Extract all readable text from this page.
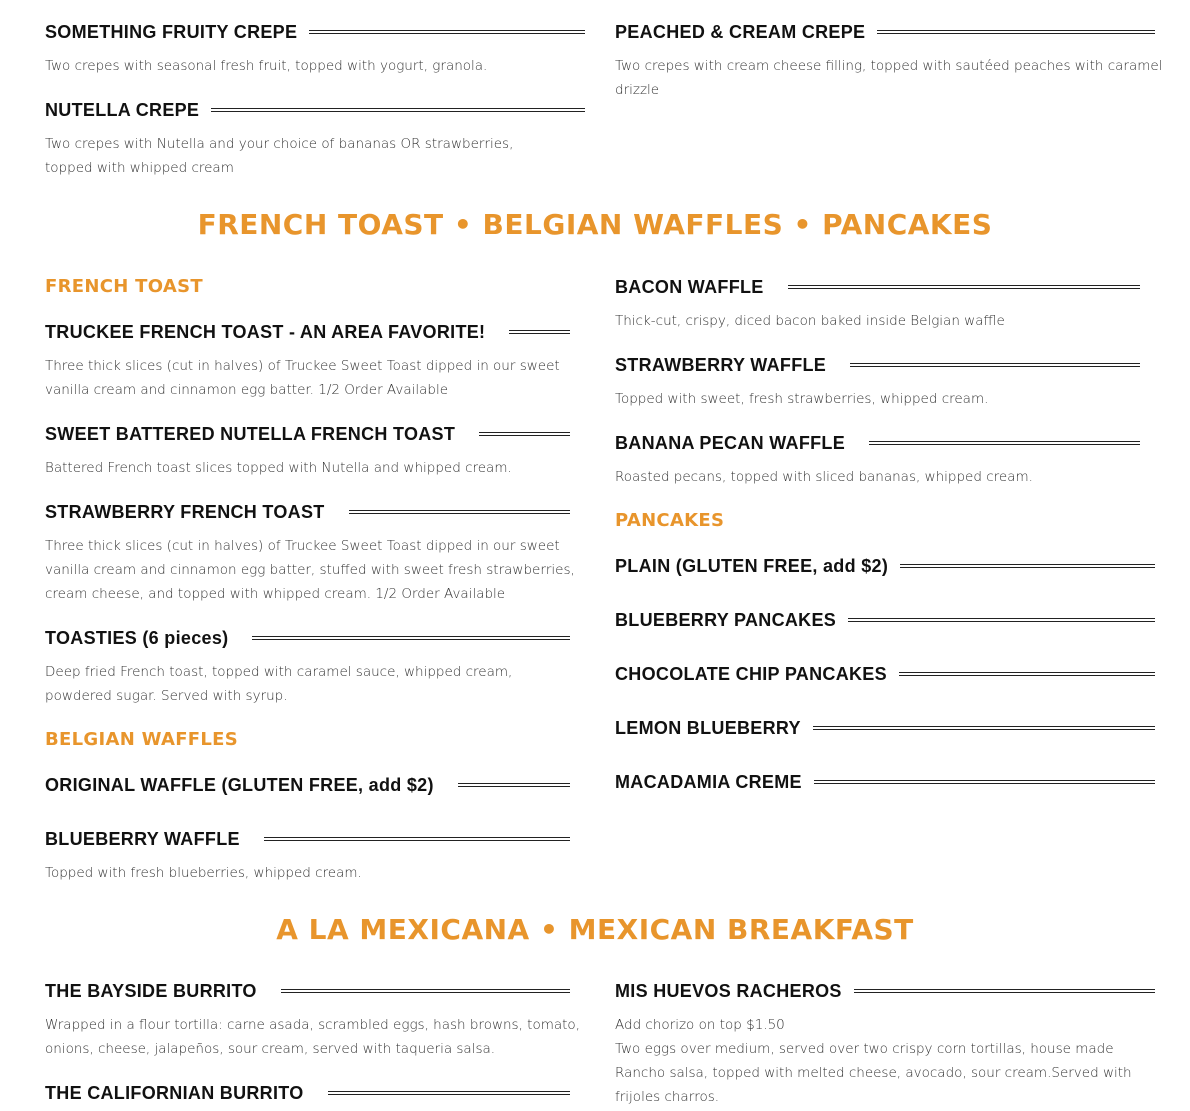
SOMETHING FRUITY CREPE
Two crepes with seasonal fresh fruit, topped with yogurt, granola.
PEACHED & CREAM CREPE
Two crepes with cream cheese filling, topped with sautéed peaches with caramel drizzle
NUTELLA CREPE
Two crepes with Nutella and your choice of bananas OR strawberries, topped with whipped cream
FRENCH TOAST • BELGIAN WAFFLES • PANCAKES
FRENCH TOAST
TRUCKEE FRENCH TOAST - AN AREA FAVORITE!
Three thick slices (cut in halves) of Truckee Sweet Toast dipped in our sweet vanilla cream and cinnamon egg batter. 1/2 Order Available
SWEET BATTERED NUTELLA FRENCH TOAST
Battered French toast slices topped with Nutella and whipped cream.
STRAWBERRY FRENCH TOAST
Three thick slices (cut in halves) of Truckee Sweet Toast dipped in our sweet vanilla cream and cinnamon egg batter, stuffed with sweet fresh strawberries, cream cheese, and topped with whipped cream. 1/2 Order Available
TOASTIES (6 pieces)
Deep fried French toast, topped with caramel sauce, whipped cream, powdered sugar. Served with syrup.
BELGIAN WAFFLES
ORIGINAL WAFFLE (GLUTEN FREE, add $2)
BLUEBERRY WAFFLE
Topped with fresh blueberries, whipped cream.
BACON WAFFLE
Thick-cut, crispy, diced bacon baked inside Belgian waffle
STRAWBERRY WAFFLE
Topped with sweet, fresh strawberries, whipped cream.
BANANA PECAN WAFFLE
Roasted pecans, topped with sliced bananas, whipped cream.
PANCAKES
PLAIN (GLUTEN FREE, add $2)
BLUEBERRY PANCAKES
CHOCOLATE CHIP PANCAKES
LEMON BLUEBERRY
MACADAMIA CREME
A LA MEXICANA • MEXICAN BREAKFAST
THE BAYSIDE BURRITO
Wrapped in a flour tortilla: carne asada, scrambled eggs, hash browns, tomato, onions, cheese, jalapeños, sour cream, served with taqueria salsa.
THE CALIFORNIAN BURRITO
MIS HUEVOS RACHEROS
Add chorizo on top $1.50
Two eggs over medium, served over two crispy corn tortillas, house made Rancho salsa, topped with melted cheese, avocado, sour cream.Served with frijoles charros.
